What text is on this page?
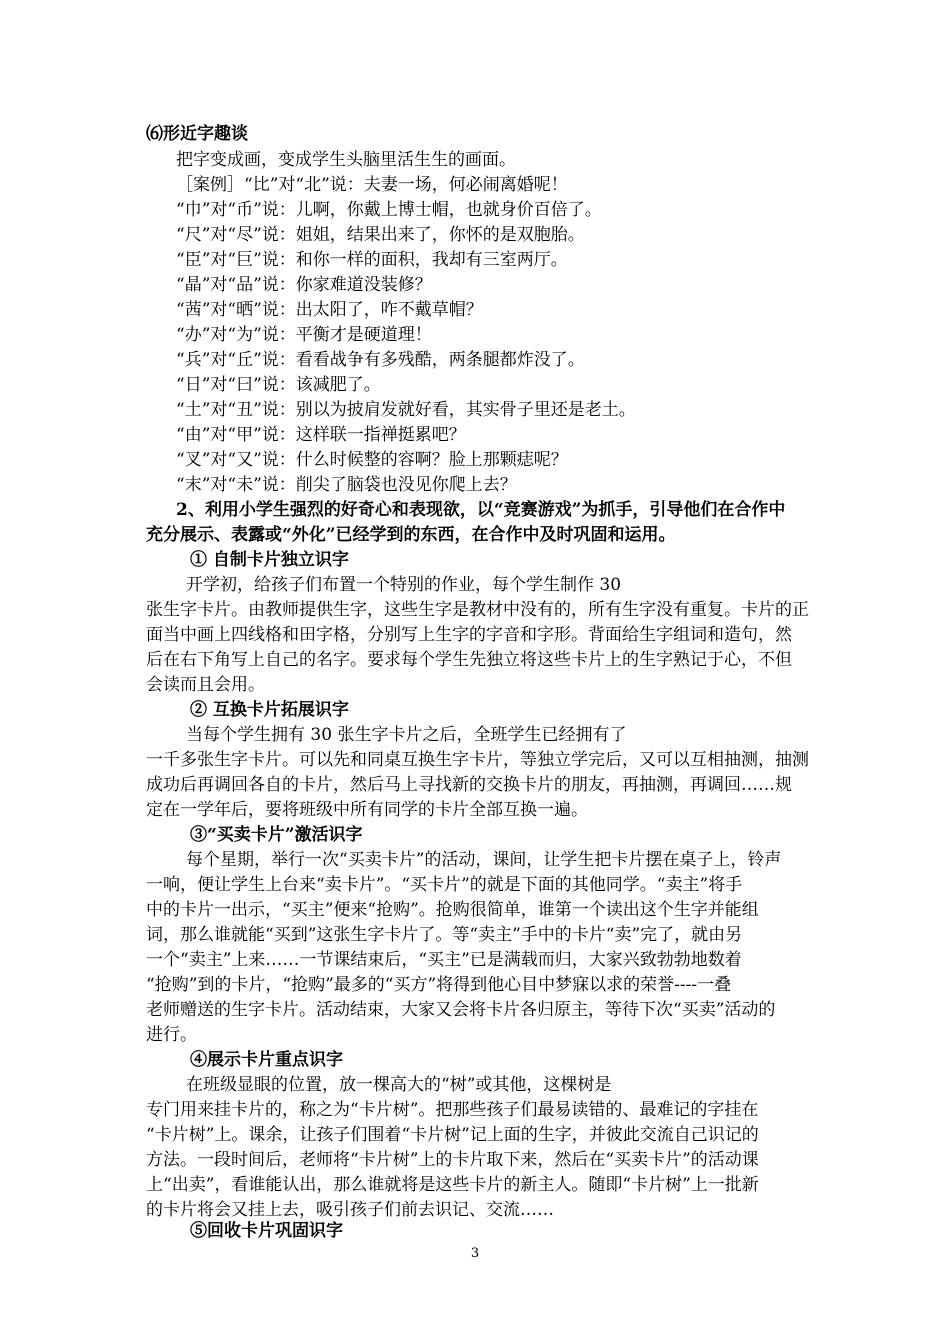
⑹形近字趣谈
把字变成画，变成学生头脑里活生生的画面。
［案例］“比”对“北”说：夫妻一场，何必闹离婚呢！
“巾”对“币”说：儿啊，你戴上博士帽，也就身价百倍了。
“尺”对“尽”说：姐姐，结果出来了，你怀的是双胞胎。
“臣”对“巨”说：和你一样的面积，我却有三室两厅。
“晶”对“品”说：你家难道没装修？
“茜”对“晒”说：出太阳了，咋不戴草帽？
“办”对“为”说：平衡才是硬道理！
“兵”对“丘”说：看看战争有多残酷，两条腿都炸没了。
“日”对“曰”说：该减肥了。
“土”对“丑”说：别以为披肩发就好看，其实骨子里还是老土。
“由”对“甲”说：这样联一指禅挺累吧？
“叉”对“又”说：什么时候整的容啊？脸上那颗痣呢？
“末”对“未”说：削尖了脑袋也没见你爬上去？
2、利用小学生强烈的好奇心和表现欲，以“竞赛游戏”为抓手，引导他们在合作中
充分展示、表露或“外化”已经学到的东西，在合作中及时巩固和运用。
① 自制卡片独立识字
开学初，给孩子们布置一个特别的作业，每个学生制作 30
张生字卡片。由教师提供生字，这些生字是教材中没有的，所有生字没有重复。卡片的正
面当中画上四线格和田字格，分别写上生字的字音和字形。背面给生字组词和造句，然
后在右下角写上自己的名字。要求每个学生先独立将这些卡片上的生字熟记于心，不但
会读而且会用。
② 互换卡片拓展识字
当每个学生拥有 30 张生字卡片之后，全班学生已经拥有了
一千多张生字卡片。可以先和同桌互换生字卡片，等独立学完后，又可以互相抽测，抽测
成功后再调回各自的卡片，然后马上寻找新的交换卡片的朋友，再抽测，再调回……规
定在一学年后，要将班级中所有同学的卡片全部互换一遍。
③“买卖卡片”激活识字
每个星期，举行一次“买卖卡片”的活动，课间，让学生把卡片摆在桌子上，铃声
一响，便让学生上台来“卖卡片”。“买卡片”的就是下面的其他同学。“卖主”将手
中的卡片一出示，“买主”便来“抢购”。抢购很简单，谁第一个读出这个生字并能组
词，那么谁就能“买到”这张生字卡片了。等“卖主”手中的卡片“卖”完了，就由另
一个“卖主”上来……一节课结束后，“买主”已是满载而归，大家兴致勃勃地数着
“抢购”到的卡片，“抢购”最多的“买方”将得到他心目中梦寐以求的荣誉----一叠
老师赠送的生字卡片。活动结束，大家又会将卡片各归原主，等待下次“买卖”活动的
进行。
④展示卡片重点识字
在班级显眼的位置，放一棵高大的“树”或其他，这棵树是
专门用来挂卡片的，称之为“卡片树”。把那些孩子们最易读错的、最难记的字挂在
“卡片树”上。课余，让孩子们围着“卡片树”记上面的生字，并彼此交流自己识记的
方法。一段时间后，老师将“卡片树”上的卡片取下来，然后在“买卖卡片”的活动课
上“出卖”，看谁能认出，那么谁就将是这些卡片的新主人。随即“卡片树”上一批新
的卡片将会又挂上去，吸引孩子们前去识记、交流……
⑤回收卡片巩固识字
3
